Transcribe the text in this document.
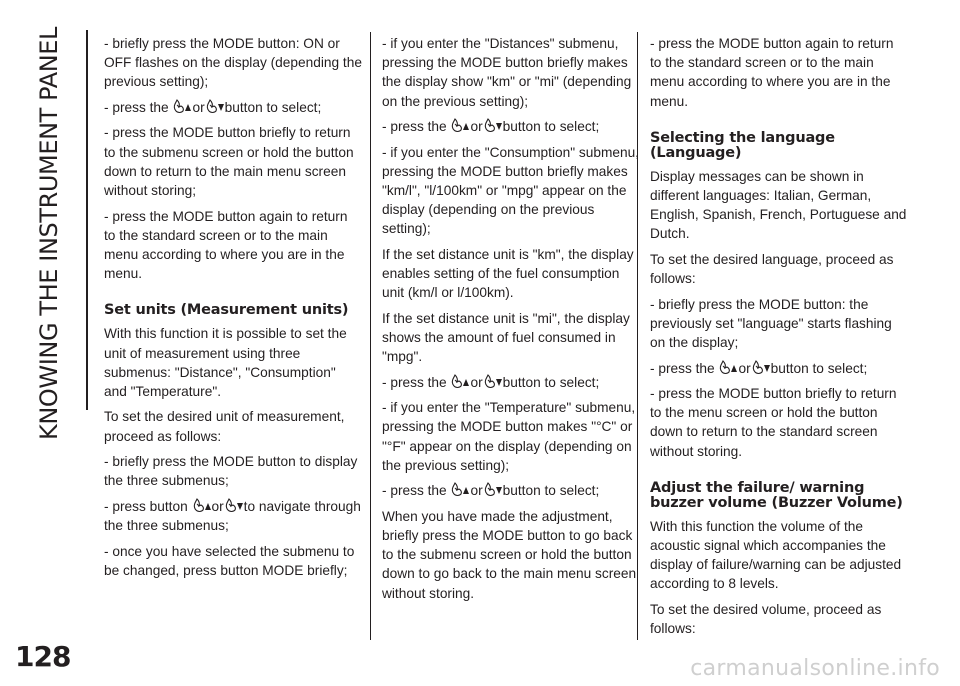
KNOWING THE INSTRUMENT PANEL
128

- briefly press the MODE button: ON or OFF flashes on the display (depending the previous setting);

- press the
or button to select;

- press the MODE button briefly to return to the submenu screen or hold the button down to return to the main menu screen without storing;

- press the MODE button again to return to the standard screen or to the main menu according to where you are in the menu.

Set units (Measurement units)

With this function it is possible to set the unit of measurement using three submenus: "Distance", "Consumption" and "Temperature".

To set the desired unit of measurement, proceed as follows:

- briefly press the MODE button to display the three submenus;

- press button
or to navigate through the three submenus;

- once you have selected the submenu to be changed, press button MODE briefly;

- if you enter the "Distances" submenu, pressing the MODE button briefly makes the display show "km" or "mi" (depending on the previous setting);

- press the
or button to select;

- if you enter the "Consumption" submenu, pressing the MODE button briefly makes "km/l", "l/100km" or "mpg" appear on the display (depending on the previous setting);

If the set distance unit is "km", the display enables setting of the fuel consumption unit (km/l or l/100km).

If the set distance unit is "mi", the display shows the amount of fuel consumed in "mpg".

- press the
or button to select;

- if you enter the "Temperature" submenu, pressing the MODE button makes "°C" or "°F" appear on the display (depending on the previous setting);

- press the
or button to select;

When you have made the adjustment, briefly press the MODE button to go back to the submenu screen or hold the button down to go back to the main menu screen without storing.

- press the MODE button again to return to the standard screen or to the main menu according to where you are in the menu.

Selecting the language (Language)

Display messages can be shown in different languages: Italian, German, English, Spanish, French, Portuguese and Dutch.

To set the desired language, proceed as follows:

- briefly press the MODE button: the previously set "language" starts flashing on the display;

- press the
or button to select;

- press the MODE button briefly to return to the menu screen or hold the button down to return to the standard screen without storing.

Adjust the failure/ warning buzzer volume (Buzzer Volume)

With this function the volume of the acoustic signal which accompanies the display of failure/warning can be adjusted according to 8 levels.

To set the desired volume, proceed as follows:

carmanualsonline.info
